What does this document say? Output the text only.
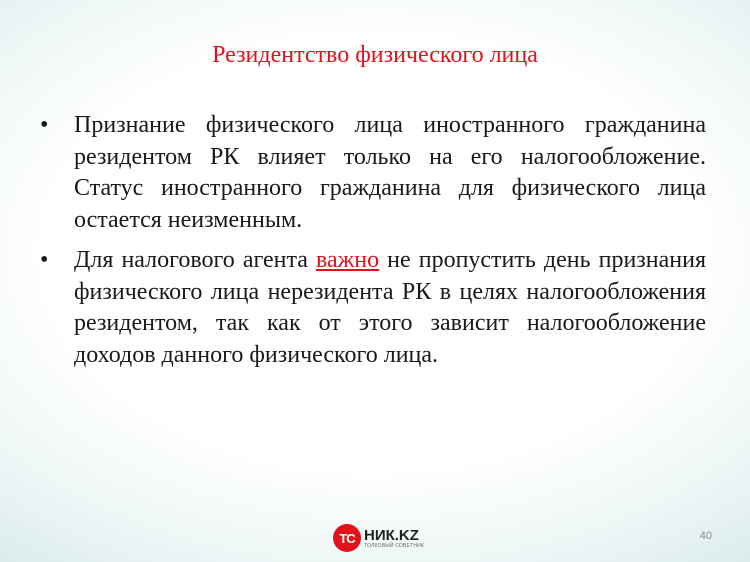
Резидентство физического лица
• Признание физического лица иностранного гражданина резидентом РК влияет только на его налогообложение. Статус иностранного гражданина для физического лица остается неизменным.
• Для налогового агента важно не пропустить день признания физического лица нерезидента РК в целях налогообложения резидентом, так как от этого зависит налогообложение доходов данного физического лица.
TC НИК.KZ
ТОЛКОВЫЙ СОВЕТНИК
40
